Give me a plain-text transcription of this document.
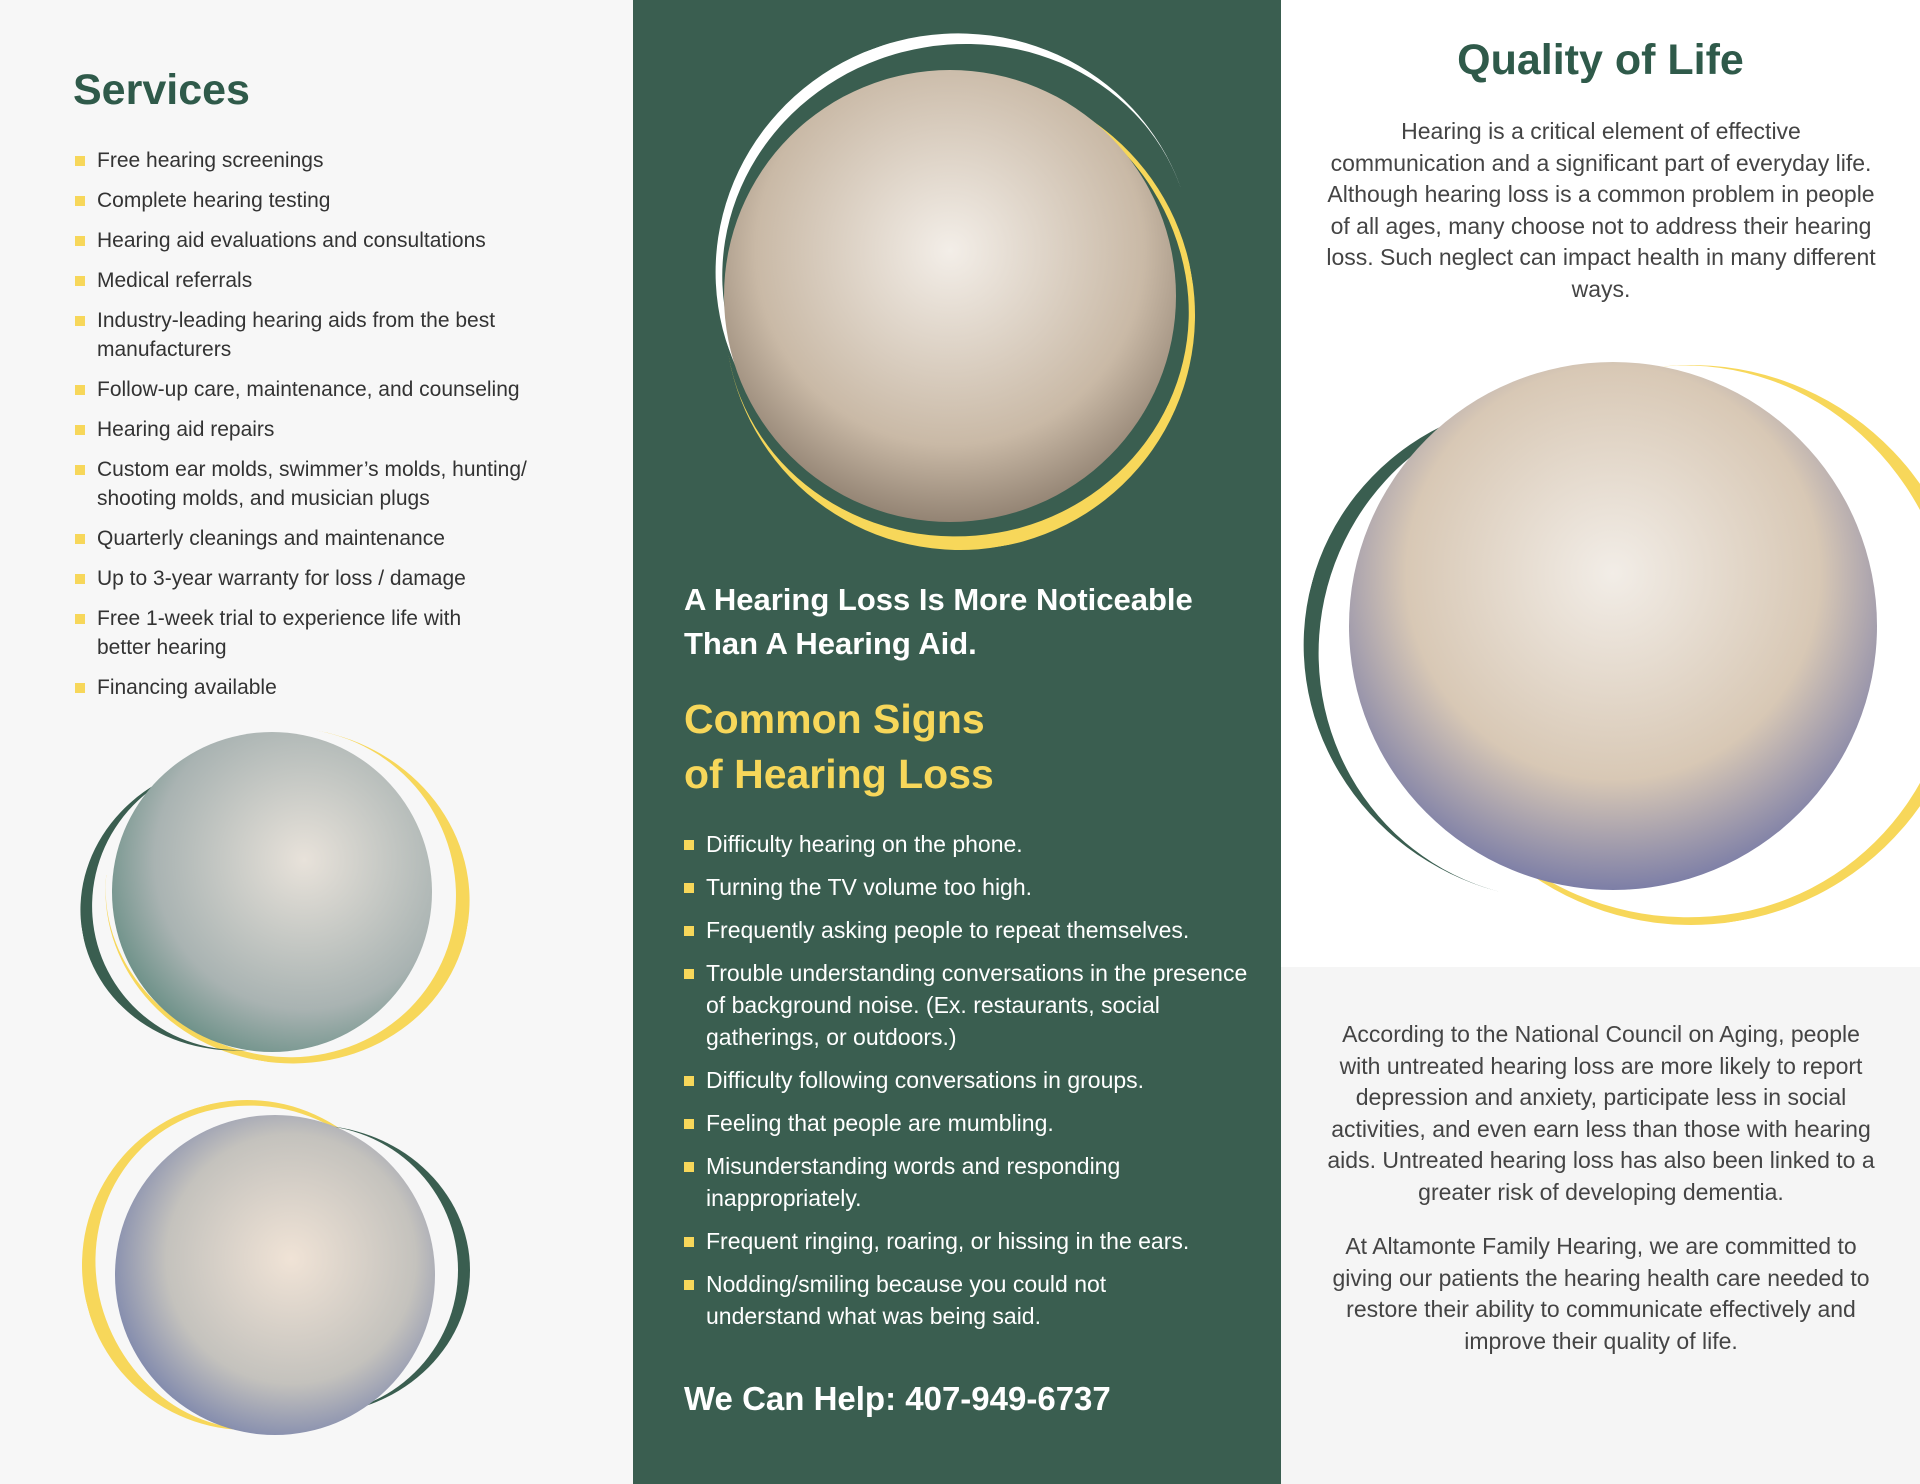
Services
Free hearing screenings
Complete hearing testing
Hearing aid evaluations and consultations
Medical referrals
Industry-leading hearing aids from the best manufacturers
Follow-up care, maintenance, and counseling
Hearing aid repairs
Custom ear molds, swimmer’s molds, hunting/ shooting molds, and musician plugs
Quarterly cleanings and maintenance
Up to 3-year warranty for loss / damage
Free 1-week trial to experience life with better hearing
Financing available
A Hearing Loss Is More Noticeable Than A Hearing Aid.
Common Signs of Hearing Loss
Difficulty hearing on the phone.
Turning the TV volume too high.
Frequently asking people to repeat themselves.
Trouble understanding conversations in the presence of background noise. (Ex. restaurants, social gatherings, or outdoors.)
Difficulty following conversations in groups.
Feeling that people are mumbling.
Misunderstanding words and responding inappropriately.
Frequent ringing, roaring, or hissing in the ears.
Nodding/smiling because you could not understand what was being said.
We Can Help: 407-949-6737
Quality of Life

Hearing is a critical element of effective communication and a significant part of everyday life. Although hearing loss is a common problem in people of all ages, many choose not to address their hearing loss. Such neglect can impact health in many different ways.

According to the National Council on Aging, people with untreated hearing loss are more likely to report depression and anxiety, participate less in social activities, and even earn less than those with hearing aids. Untreated hearing loss has also been linked to a greater risk of developing dementia.

At Altamonte Family Hearing, we are committed to giving our patients the hearing health care needed to restore their ability to communicate effectively and improve their quality of life.
